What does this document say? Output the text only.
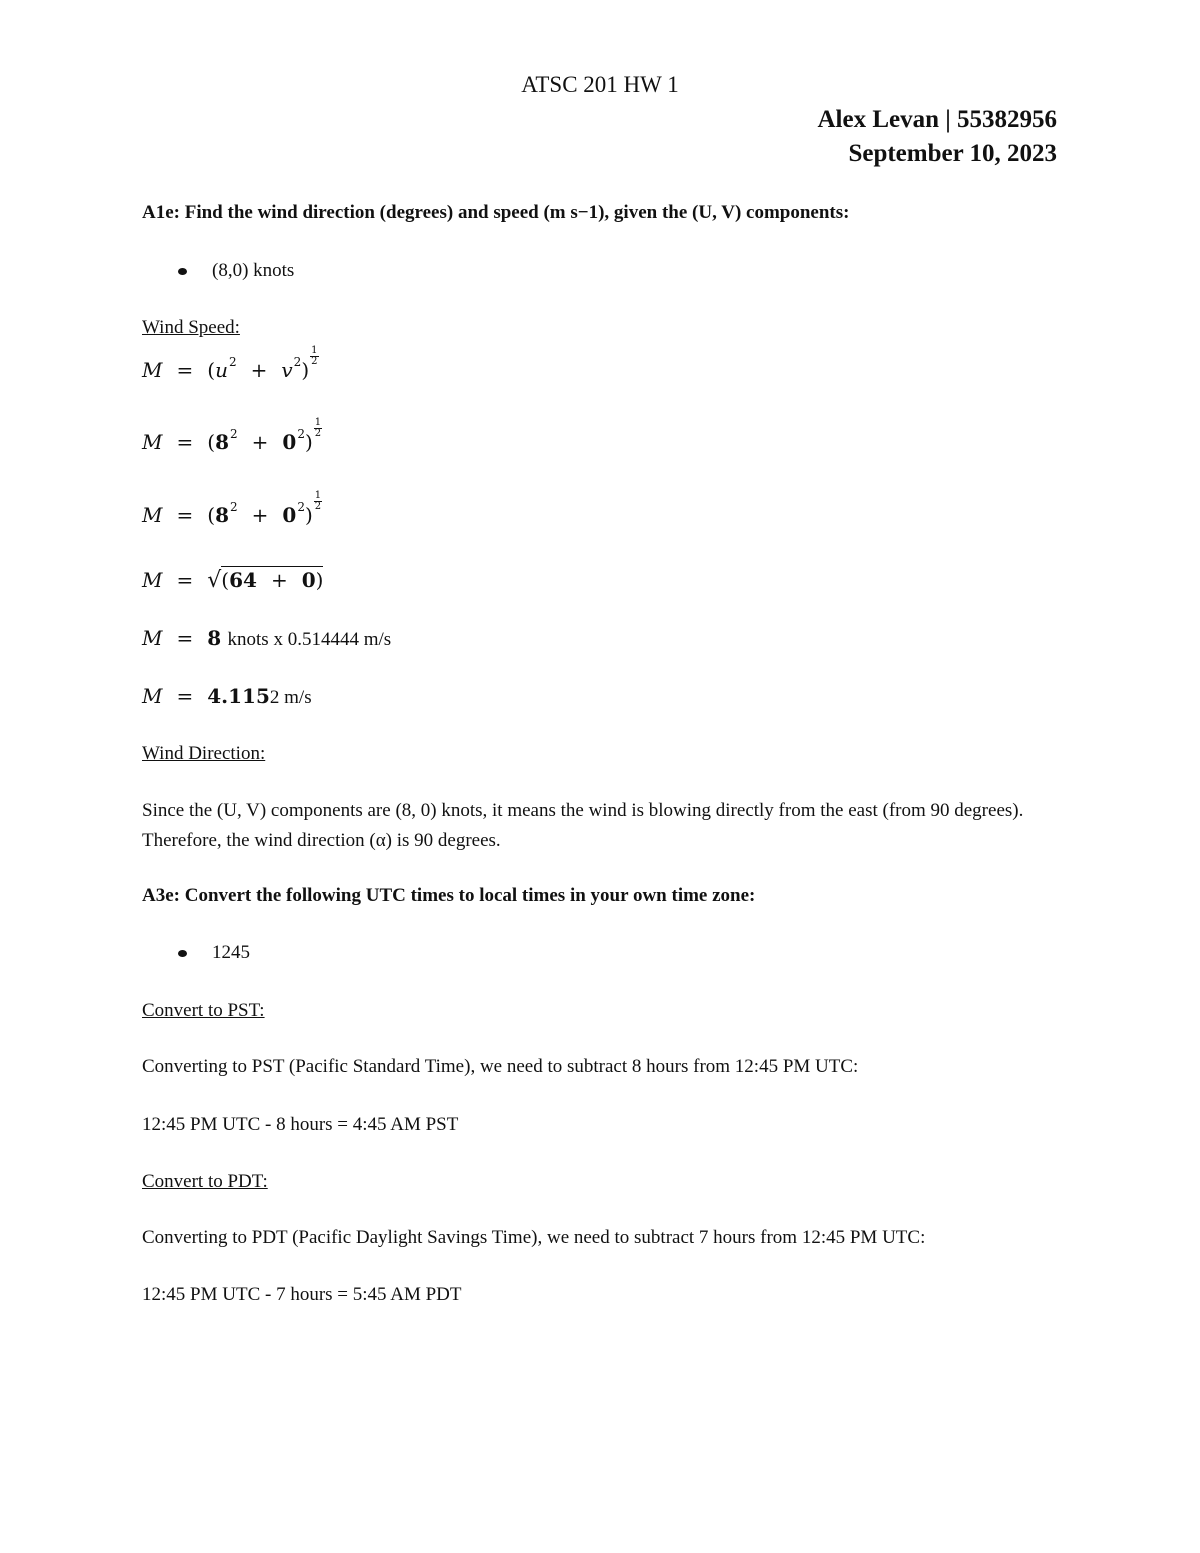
ATSC 201 HW 1
Alex Levan | 55382956
September 10, 2023
A1e: Find the wind direction (degrees) and speed (m s−1), given the (U, V) components:
(8,0) knots
Wind Speed:
$M = (u^2 + v^2)$
$\frac{1}{2}$
$M = (8^2 + 0^2)$
$\frac{1}{2}$
$M = (8^2 + 0^2)$
$\frac{1}{2}$
M = √(64 + 0)
M = 8 knots x 0.514444 m/s
M = 4.1152 m/s
Wind Direction:
Since the (U, V) components are (8, 0) knots, it means the wind is blowing directly from the east (from 90 degrees). Therefore, the wind direction (α) is 90 degrees.
A3e: Convert the following UTC times to local times in your own time zone:
1245
Convert to PST:
Converting to PST (Pacific Standard Time), we need to subtract 8 hours from 12:45 PM UTC:
12:45 PM UTC - 8 hours = 4:45 AM PST
Convert to PDT:
Converting to PDT (Pacific Daylight Savings Time), we need to subtract 7 hours from 12:45 PM UTC:
12:45 PM UTC - 7 hours = 5:45 AM PDT
